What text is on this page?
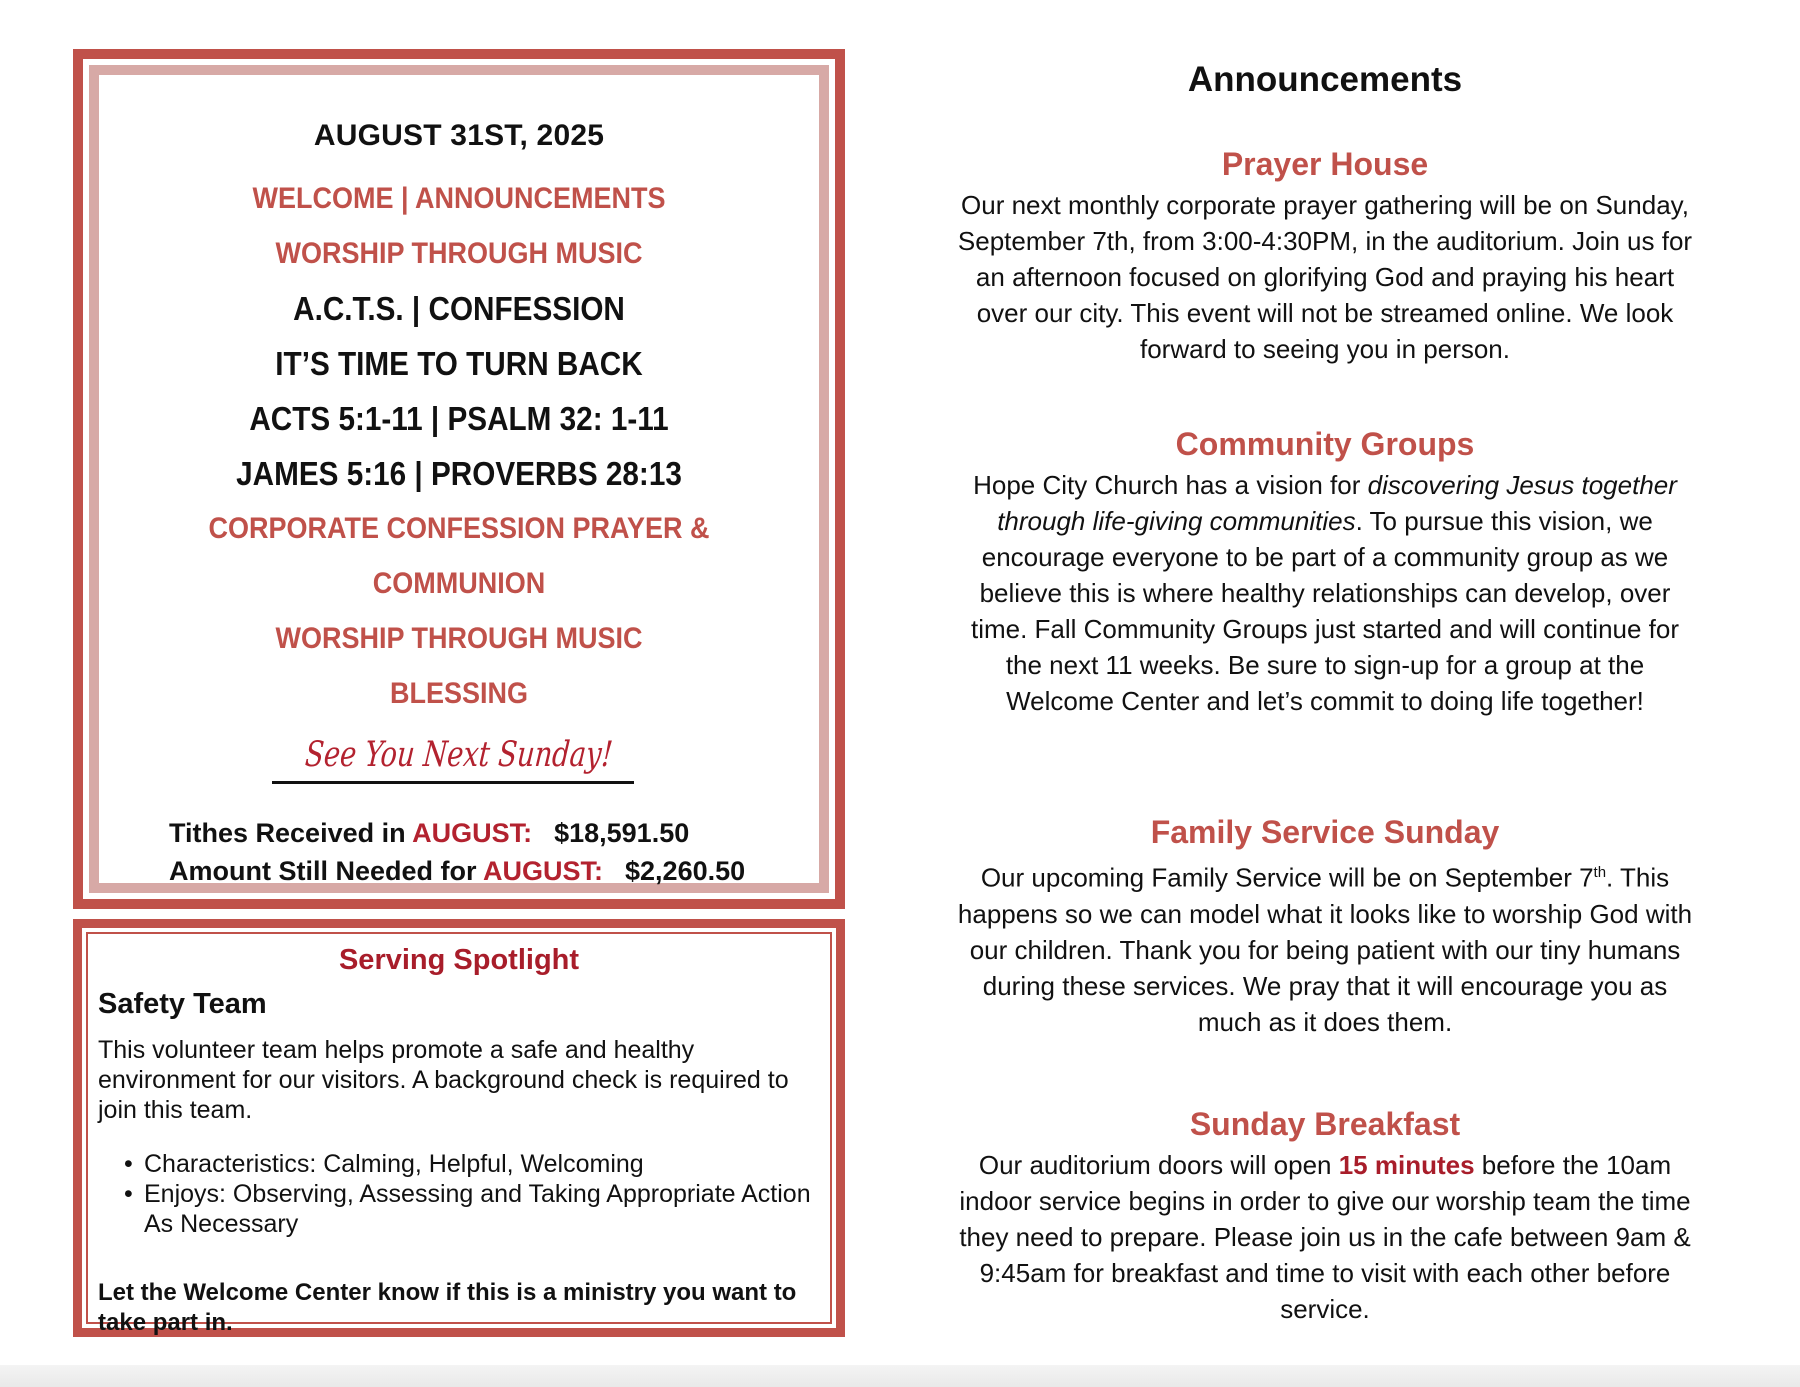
AUGUST 31ST, 2025
WELCOME | ANNOUNCEMENTS
WORSHIP THROUGH MUSIC
A.C.T.S. | CONFESSION
IT’S TIME TO TURN BACK
ACTS 5:1-11 | PSALM 32: 1-11
JAMES 5:16 | PROVERBS 28:13
CORPORATE CONFESSION PRAYER & COMMUNION
WORSHIP THROUGH MUSIC
BLESSING
See You Next Sunday!
Tithes Received in AUGUST: $18,591.50
Amount Still Needed for AUGUST: $2,260.50
Serving Spotlight
Safety Team
This volunteer team helps promote a safe and healthy environment for our visitors. A background check is required to join this team.
• Characteristics: Calming, Helpful, Welcoming
• Enjoys: Observing, Assessing and Taking Appropriate Action As Necessary
Let the Welcome Center know if this is a ministry you want to take part in.
Announcements
Prayer House

Our next monthly corporate prayer gathering will be on Sunday, September 7th, from 3:00-4:30PM, in the auditorium. Join us for an afternoon focused on glorifying God and praying his heart over our city. This event will not be streamed online. We look forward to seeing you in person.

Community Groups

Hope City Church has a vision for discovering Jesus together through life-giving communities. To pursue this vision, we encourage everyone to be part of a community group as we believe this is where healthy relationships can develop, over time. Fall Community Groups just started and will continue for the next 11 weeks. Be sure to sign-up for a group at the Welcome Center and let’s commit to doing life together!

Family Service Sunday

Our upcoming Family Service will be on September 7th. This happens so we can model what it looks like to worship God with our children. Thank you for being patient with our tiny humans during these services. We pray that it will encourage you as much as it does them.

Sunday Breakfast

Our auditorium doors will open 15 minutes before the 10am indoor service begins in order to give our worship team the time they need to prepare. Please join us in the cafe between 9am & 9:45am for breakfast and time to visit with each other before service.
